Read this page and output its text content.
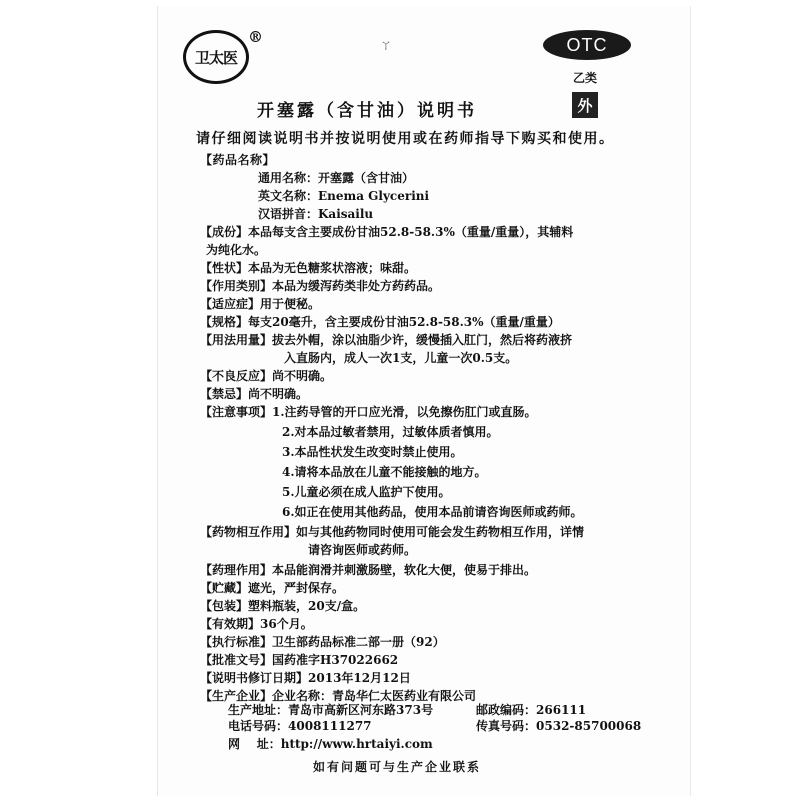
卫太医
®	ㄚ	OTC
乙类
外
开塞露（含甘油）说明书
请仔细阅读说明书并按说明使用或在药师指导下购买和使用。
【药品名称】
通用名称：开塞露（含甘油）
英文名称：Enema Glycerini
汉语拼音：Kaisailu
【成份】本品每支含主要成份甘油52.8-58.3%（重量/重量），其辅料
为纯化水。
【性状】本品为无色糖浆状溶液；味甜。
【作用类别】本品为缓泻药类非处方药药品。
【适应症】用于便秘。
【规格】每支20毫升，含主要成份甘油52.8-58.3%（重量/重量）
【用法用量】拔去外帽，涂以油脂少许，缓慢插入肛门，然后将药液挤
入直肠内，成人一次1支，儿童一次0.5支。
【不良反应】尚不明确。
【禁忌】尚不明确。
【注意事项】1.注药导管的开口应光滑，以免擦伤肛门或直肠。
2.对本品过敏者禁用，过敏体质者慎用。
3.本品性状发生改变时禁止使用。
4.请将本品放在儿童不能接触的地方。
5.儿童必须在成人监护下使用。
6.如正在使用其他药品，使用本品前请咨询医师或药师。
【药物相互作用】如与其他药物同时使用可能会发生药物相互作用，详情
请咨询医师或药师。
【药理作用】本品能润滑并刺激肠壁，软化大便，使易于排出。
【贮藏】遮光，严封保存。
【包装】塑料瓶装，20支/盒。
【有效期】36个月。
【执行标准】卫生部药品标准二部一册（92）
【批准文号】国药准字H37022662
【说明书修订日期】2013年12月12日
【生产企业】企业名称：青岛华仁太医药业有限公司
生产地址：青岛市高新区河东路373号	邮政编码：266111
电话号码：4008111277	传真号码：0532-85700068
网    址：http://www.hrtaiyi.com
如有问题可与生产企业联系
